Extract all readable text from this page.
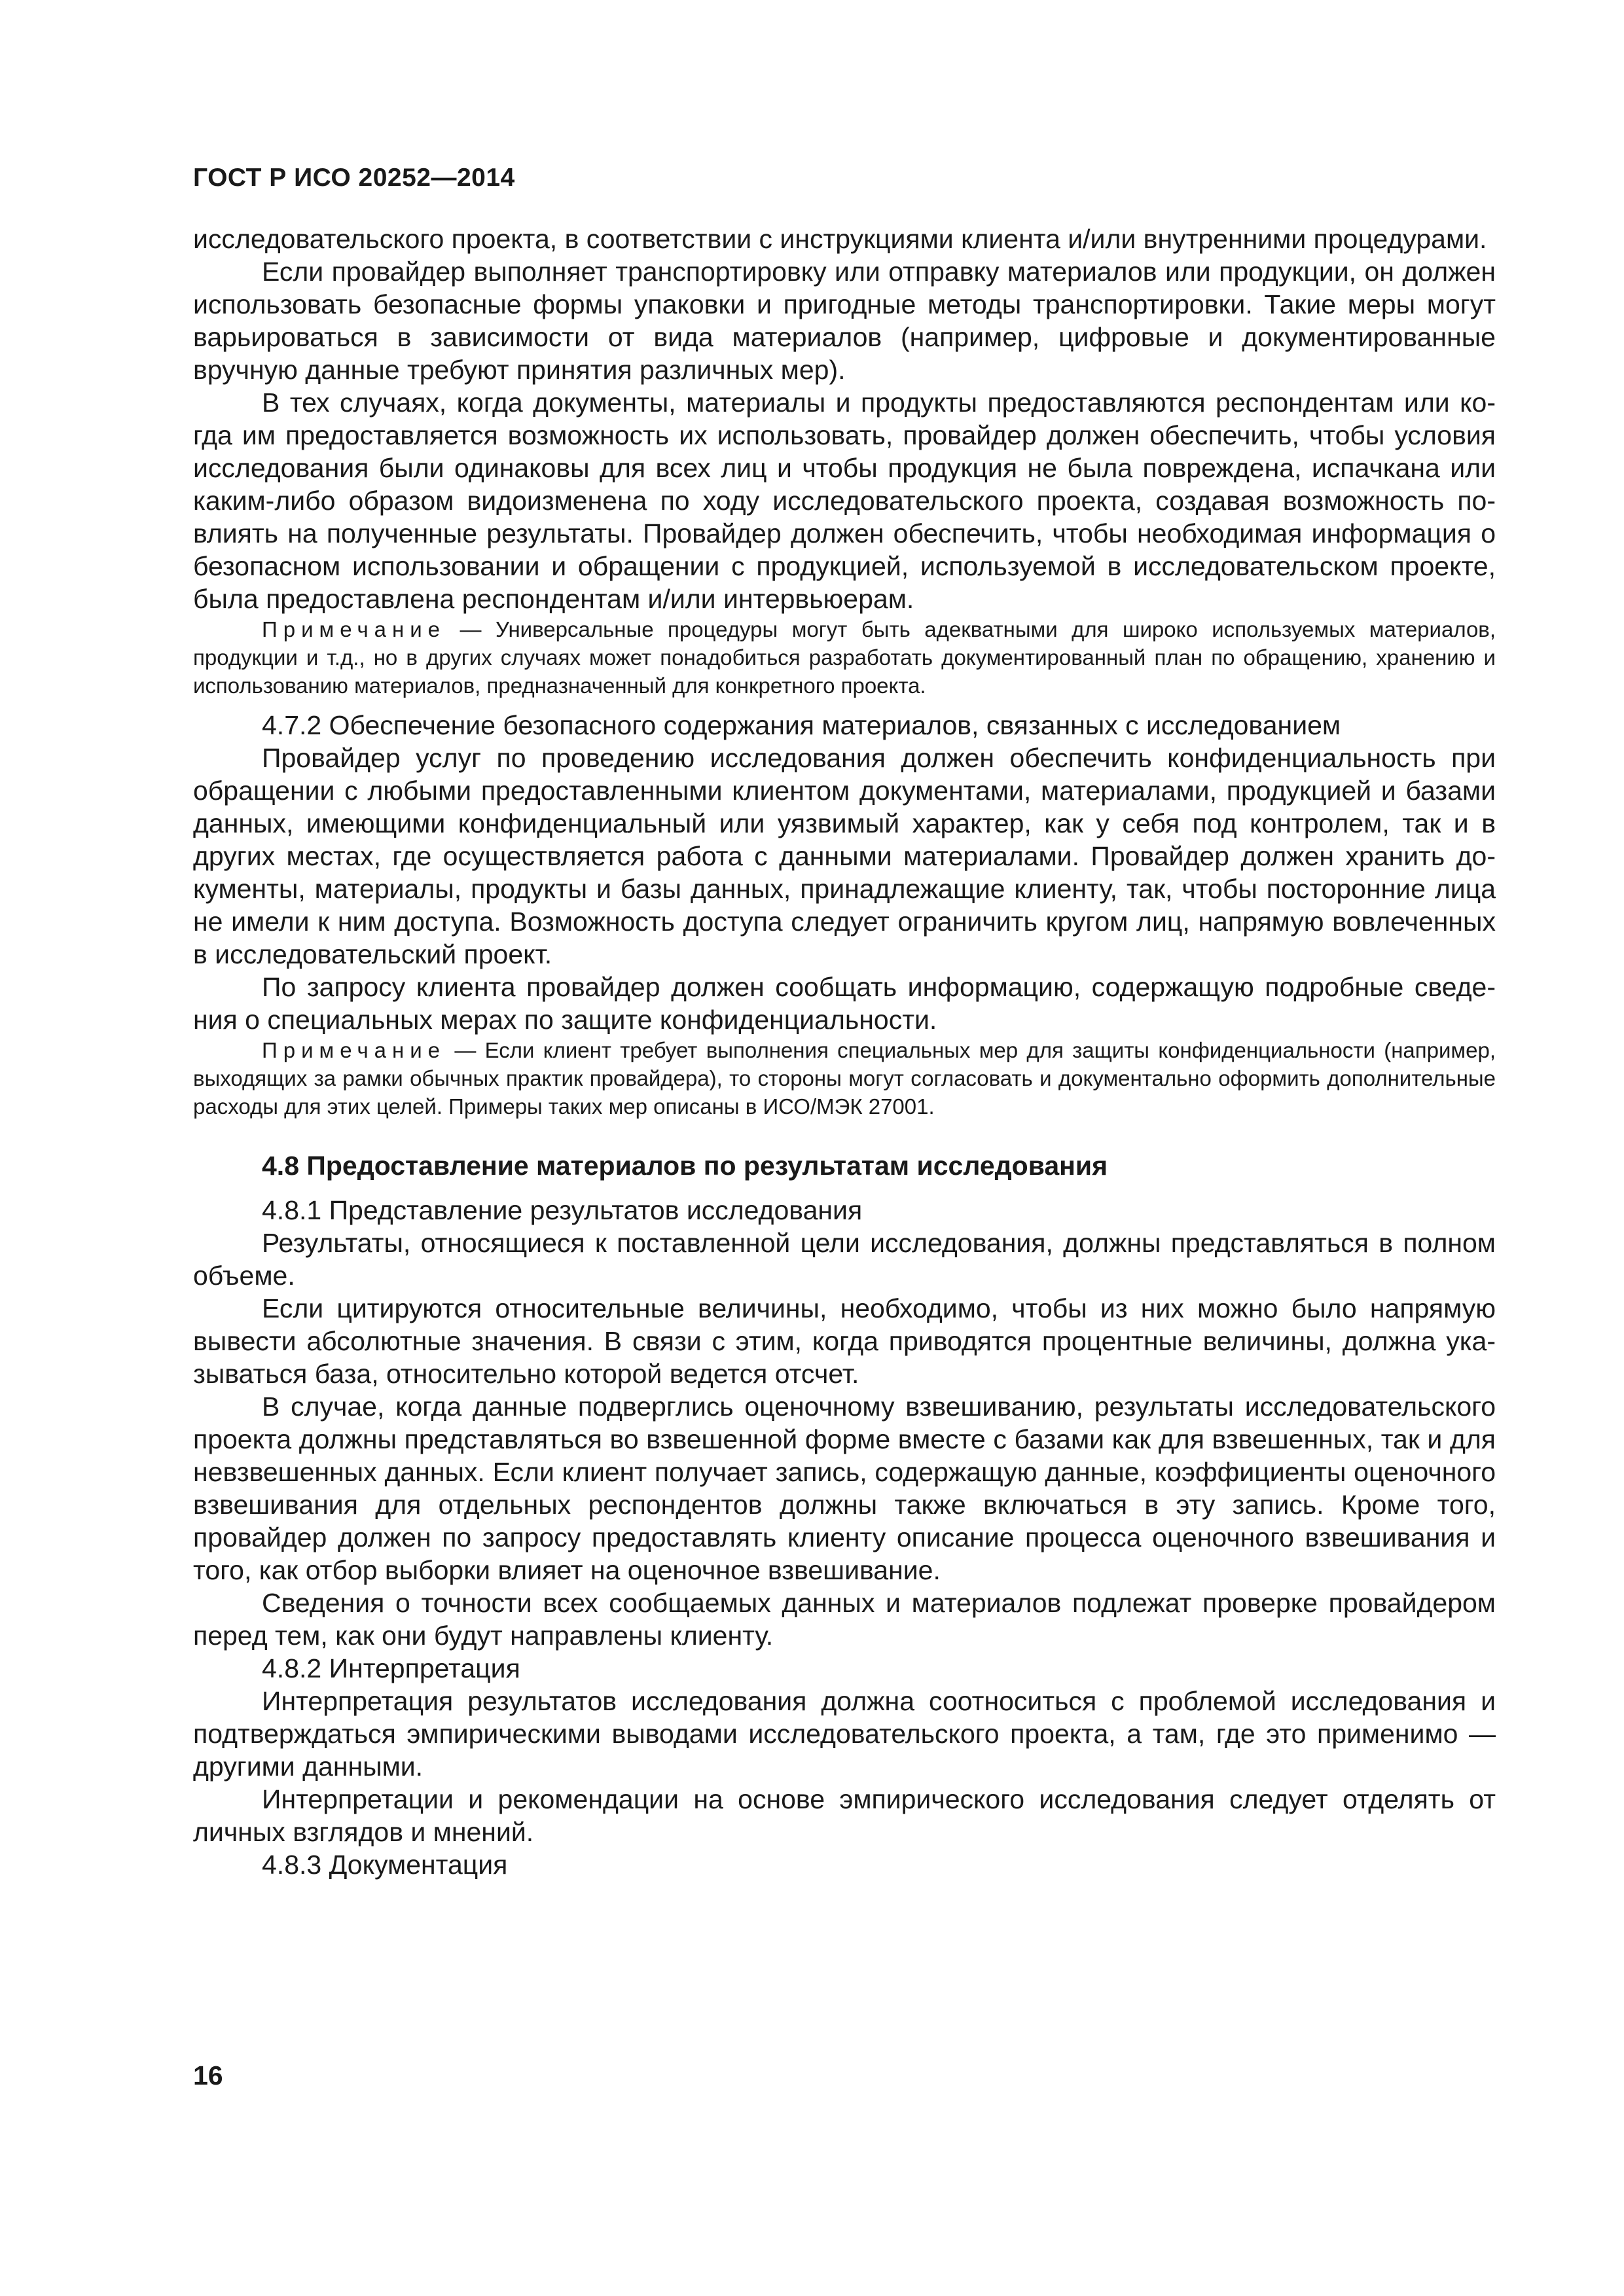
ГОСТ Р ИСО 20252—2014

исследовательского проекта, в соответствии с инструкциями клиента и/или внутренними процедурами.

Если провайдер выполняет транспортировку или отправку материалов или продукции, он должен использовать безопасные формы упаковки и пригодные методы транспортировки. Такие меры могут варьироваться в зависимости от вида материалов (например, цифровые и документированные вручную данные требуют принятия различных мер).

В тех случаях, когда документы, материалы и продукты предоставляются респондентам или когда им предоставляется возможность их использовать, провайдер должен обеспечить, чтобы условия исследования были одинаковы для всех лиц и чтобы продукция не была повреждена, испачкана или каким-либо образом видоизменена по ходу исследовательского проекта, создавая возможность повлиять на полученные результаты. Провайдер должен обеспечить, чтобы необходимая информация о безопасном использовании и обращении с продукцией, используемой в исследовательском проекте, была предоставлена респондентам и/или интервьюерам.

Примечание — Универсальные процедуры могут быть адекватными для широко используемых материалов, продукции и т.д., но в других случаях может понадобиться разработать документированный план по обращению, хранению и использованию материалов, предназначенный для конкретного проекта.

4.7.2 Обеспечение безопасного содержания материалов, связанных с исследованием

Провайдер услуг по проведению исследования должен обеспечить конфиденциальность при обращении с любыми предоставленными клиентом документами, материалами, продукцией и базами данных, имеющими конфиденциальный или уязвимый характер, как у себя под контролем, так и в других местах, где осуществляется работа с данными материалами. Провайдер должен хранить документы, материалы, продукты и базы данных, принадлежащие клиенту, так, чтобы посторонние лица не имели к ним доступа. Возможность доступа следует ограничить кругом лиц, напрямую вовлеченных в исследовательский проект.

По запросу клиента провайдер должен сообщать информацию, содержащую подробные сведения о специальных мерах по защите конфиденциальности.

Примечание — Если клиент требует выполнения специальных мер для защиты конфиденциальности (например, выходящих за рамки обычных практик провайдера), то стороны могут согласовать и документально оформить дополнительные расходы для этих целей. Примеры таких мер описаны в ИСО/МЭК 27001.

4.8 Предоставление материалов по результатам исследования

4.8.1 Представление результатов исследования

Результаты, относящиеся к поставленной цели исследования, должны представляться в полном объеме.

Если цитируются относительные величины, необходимо, чтобы из них можно было напрямую вывести абсолютные значения. В связи с этим, когда приводятся процентные величины, должна указываться база, относительно которой ведется отсчет.

В случае, когда данные подверглись оценочному взвешиванию, результаты исследовательского проекта должны представляться во взвешенной форме вместе с базами как для взвешенных, так и для невзвешенных данных. Если клиент получает запись, содержащую данные, коэффициенты оценочного взвешивания для отдельных респондентов должны также включаться в эту запись. Кроме того, провайдер должен по запросу предоставлять клиенту описание процесса оценочного взвешивания и того, как отбор выборки влияет на оценочное взвешивание.

Сведения о точности всех сообщаемых данных и материалов подлежат проверке провайдером перед тем, как они будут направлены клиенту.

4.8.2 Интерпретация

Интерпретация результатов исследования должна соотноситься с проблемой исследования и подтверждаться эмпирическими выводами исследовательского проекта, а там, где это применимо — другими данными.

Интерпретации и рекомендации на основе эмпирического исследования следует отделять от личных взглядов и мнений.

4.8.3 Документация

16
